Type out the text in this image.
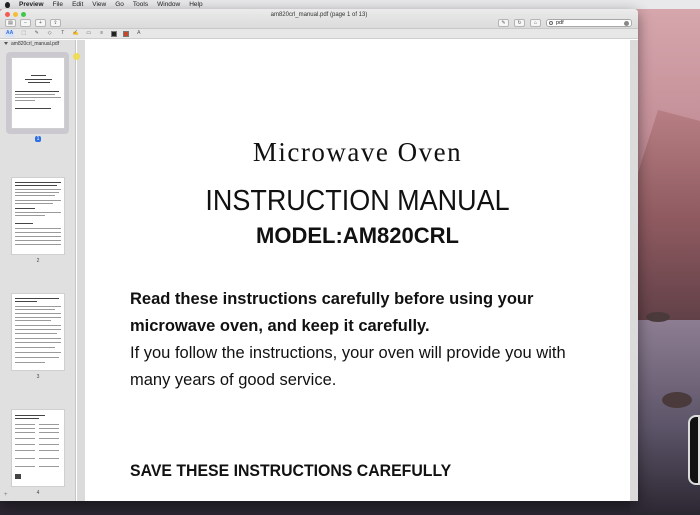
Preview File Edit View Go Tools Window Help
am820crl_manual.pdf (page 1 of 13)
▤	−	+	⇪	✎	↻	⌂	pdf
AA ⬚ ✎	◇	T	✍ ▭	≡	A
am820crl_manual.pdf
1
2
3
4
+
Microwave Oven
INSTRUCTION MANUAL
MODEL:AM820CRL
Read these instructions carefully before using your
microwave oven, and keep it carefully.
If you follow the instructions, your oven will provide you with
many years of good service.
SAVE THESE INSTRUCTIONS CAREFULLY
